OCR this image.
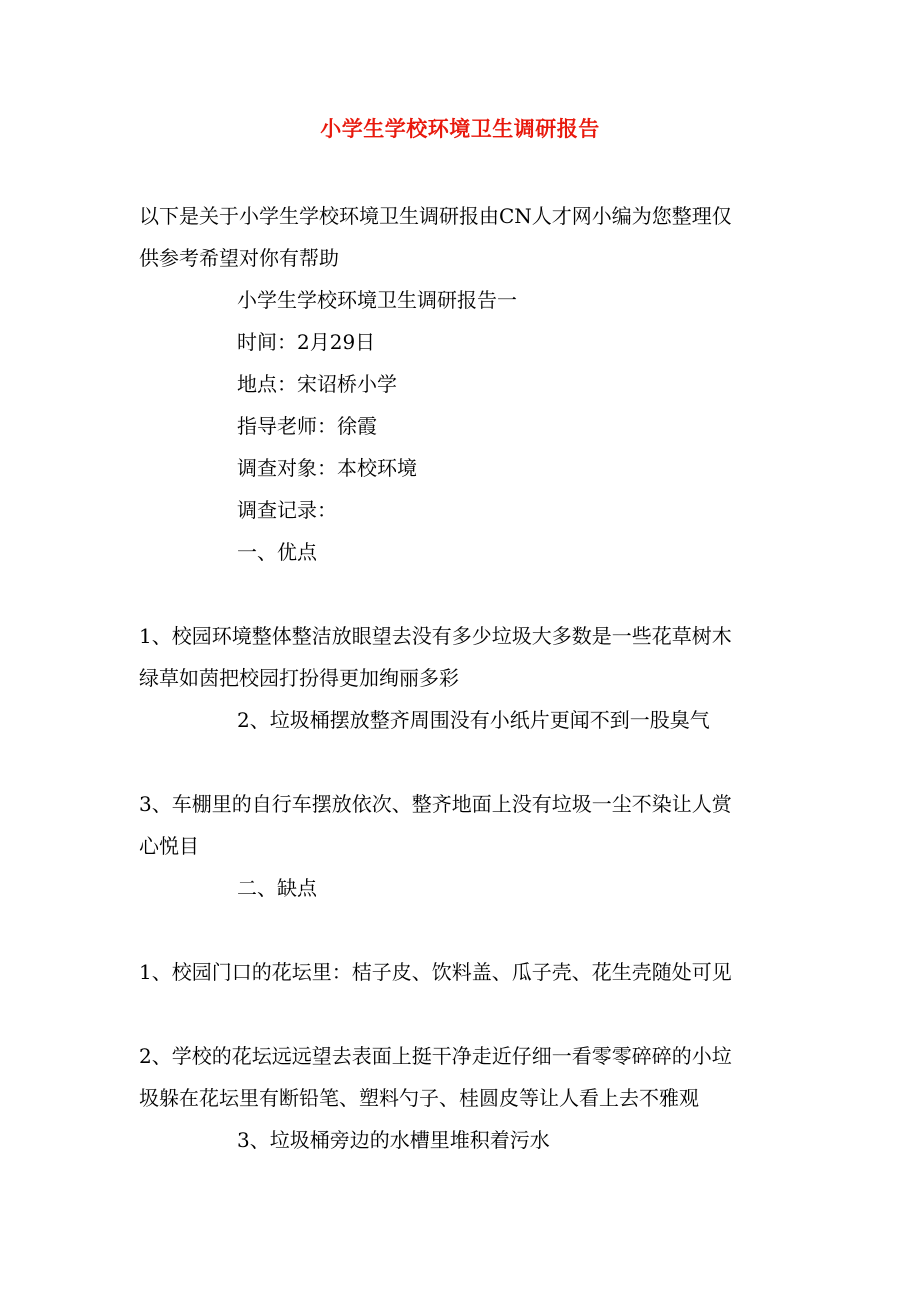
小学生学校环境卫生调研报告

以下是关于小学生学校环境卫生调研报由CN人才网小编为您整理仅

供参考希望对你有帮助

小学生学校环境卫生调研报告一

时间：2月29日

地点：宋诏桥小学

指导老师：徐霞

调查对象：本校环境

调查记录：

一、优点

1、校园环境整体整洁放眼望去没有多少垃圾大多数是一些花草树木

绿草如茵把校园打扮得更加绚丽多彩

2、垃圾桶摆放整齐周围没有小纸片更闻不到一股臭气

3、车棚里的自行车摆放依次、整齐地面上没有垃圾一尘不染让人赏

心悦目

二、缺点

1、校园门口的花坛里：桔子皮、饮料盖、瓜子壳、花生壳随处可见

2、学校的花坛远远望去表面上挺干净走近仔细一看零零碎碎的小垃

圾躲在花坛里有断铅笔、塑料勺子、桂圆皮等让人看上去不雅观

3、垃圾桶旁边的水槽里堆积着污水
